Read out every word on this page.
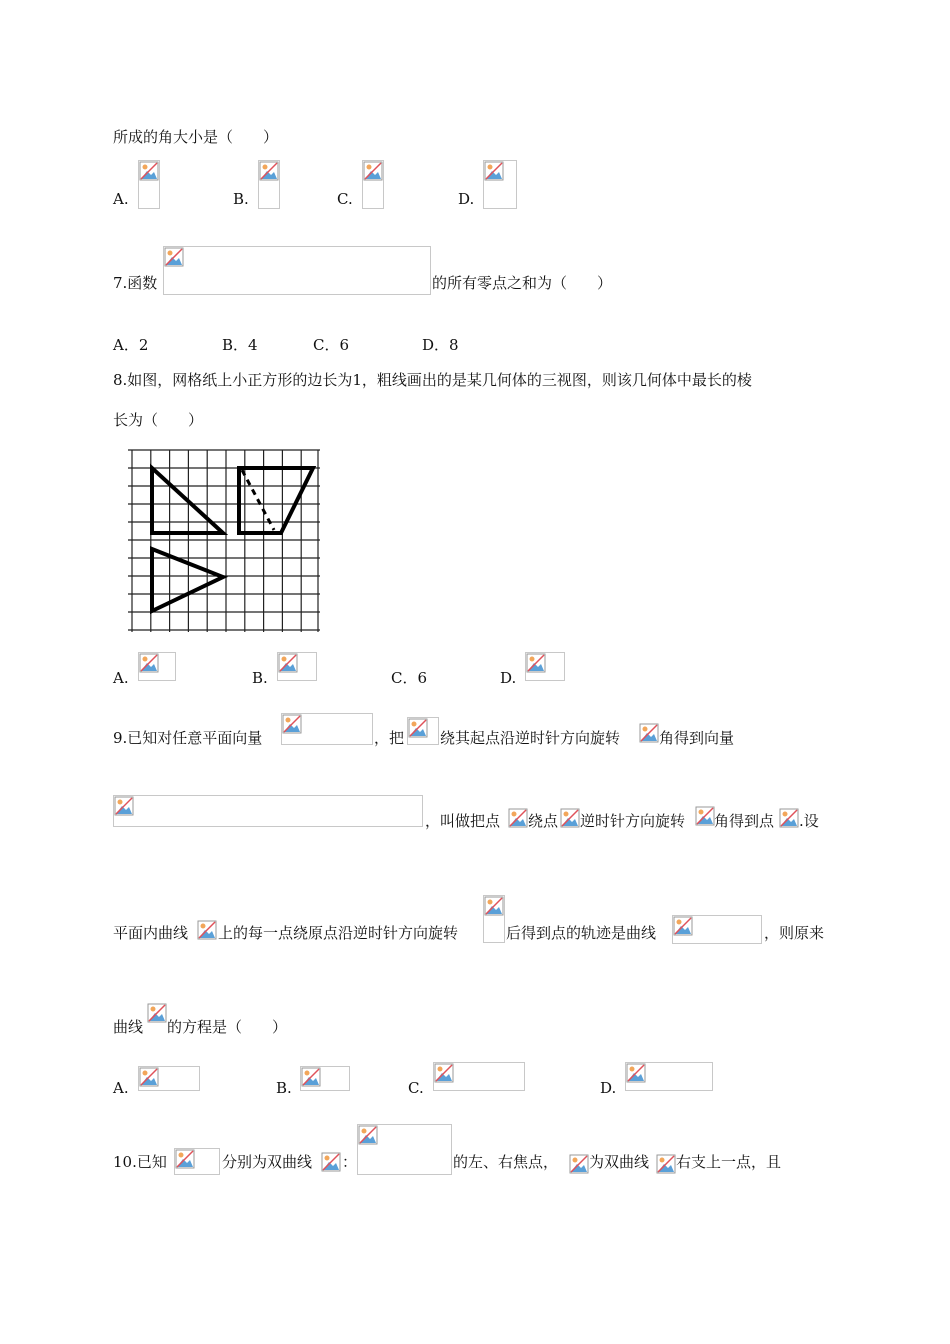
所成的角大小是（　　）
A.	B.	C.	D.
7.函数	的所有零点之和为（　　）
A．2	B．4	C．6	D．8
8.如图，网格纸上小正方形的边长为1，粗线画出的是某几何体的三视图，则该几何体中最长的棱
长为（　　）
A.	B.	C．6	D.
9.已知对任意平面向量	，把 绕其起点沿逆时针方向旋转	角得到向量
，叫做把点 绕点 逆时针方向旋转 角得到点 .设
平面内曲线 上的每一点绕原点沿逆时针方向旋转	后得到点的轨迹是曲线	，则原来
曲线 的方程是（　　）
A.	B.	C.	D.
10.已知	分别为双曲线 ：	的左、右焦点， 为双曲线 右支上一点，且
